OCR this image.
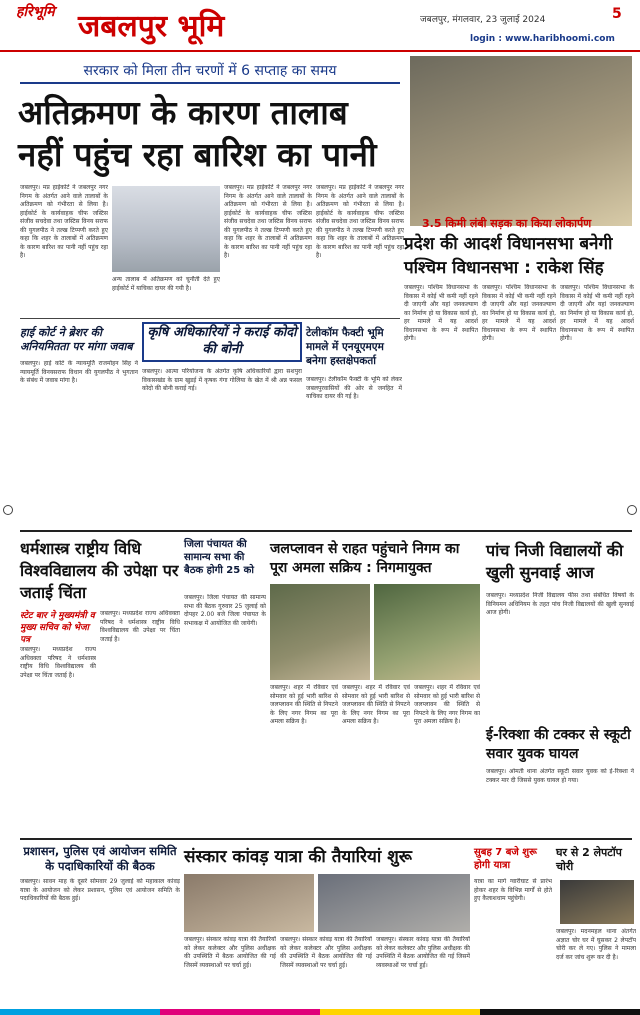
हरिभूमि जबलपुर भूमि	जबलपुर, मंगलवार, 23 जुलाई 2024	5
login : www.haribhoomi.com
सरकार को मिला तीन चरणों में 6 सप्ताह का समय
अतिक्रमण के कारण तालाब
नहीं पहुंच रहा बारिश का पानी
जबलपुर। मप्र हाईकोर्ट ने जबलपुर नगर निगम के अंतर्गत आने वाले तालाबों के अतिक्रमण को गंभीरता से लिया है। हाईकोर्ट के कार्यवाहक चीफ जस्टिस संजीव सचदेवा तथा जस्टिस विनय सराफ की युगलपीठ ने तल्ख टिप्पणी करते हुए कहा कि शहर के तालाबों में अतिक्रमण के कारण बारिश का पानी नहीं पहुंच रहा है।
अन्य तालाब में अतिक्रमण को चुनौती देते हुए हाईकोर्ट में याचिका दायर की गयी है।
जबलपुर। मप्र हाईकोर्ट ने जबलपुर नगर निगम के अंतर्गत आने वाले तालाबों के अतिक्रमण को गंभीरता से लिया है। हाईकोर्ट के कार्यवाहक चीफ जस्टिस संजीव सचदेवा तथा जस्टिस विनय सराफ की युगलपीठ ने तल्ख टिप्पणी करते हुए कहा कि शहर के तालाबों में अतिक्रमण के कारण बारिश का पानी नहीं पहुंच रहा है।
जबलपुर। मप्र हाईकोर्ट ने जबलपुर नगर निगम के अंतर्गत आने वाले तालाबों के अतिक्रमण को गंभीरता से लिया है। हाईकोर्ट के कार्यवाहक चीफ जस्टिस संजीव सचदेवा तथा जस्टिस विनय सराफ की युगलपीठ ने तल्ख टिप्पणी करते हुए कहा कि शहर के तालाबों में अतिक्रमण के कारण बारिश का पानी नहीं पहुंच रहा है।
3.5 किमी लंबी सड़क का किया लोकार्पण
प्रदेश की आदर्श विधानसभा बनेगी पश्चिम विधानसभा : राकेश सिंह
जबलपुर। पश्चिम विधानसभा के विकास में कोई भी कमी नहीं रहने दी जाएगी और यहां जनकल्याण का निर्माण हो या विकास कार्य हो, हर मामले में यह आदर्श विधानसभा के रूप में स्थापित होगी।
जबलपुर। पश्चिम विधानसभा के विकास में कोई भी कमी नहीं रहने दी जाएगी और यहां जनकल्याण का निर्माण हो या विकास कार्य हो, हर मामले में यह आदर्श विधानसभा के रूप में स्थापित होगी।
जबलपुर। पश्चिम विधानसभा के विकास में कोई भी कमी नहीं रहने दी जाएगी और यहां जनकल्याण का निर्माण हो या विकास कार्य हो, हर मामले में यह आदर्श विधानसभा के रूप में स्थापित होगी।
हाई कोर्ट ने ब्रेशर की अनियमितता पर मांगा जवाब
जबलपुर। हाई कोर्ट के न्यायमूर्ति राजमोहन सिंह ने न्यायमूर्ति विनयसराफ विधान की युगलपीठ ने भुगतान के संबंध में जवाब मांगा है।
कृषि अधिकारियों ने कराई कोदो की बोनी
जबलपुर। आत्मा परियोजना के अंतर्गत कृषि अधिकारियों द्वारा सशपुरा विकासखंड के ग्राम खुडई में कृषक गंगा गोलिया के खेत में श्री अन्न फसल कोदो की बोनी कराई गई।
टेलीकॉम फैक्टी भूमि मामले में एनयूएमएम बनेगा हस्तक्षेपकर्ता
जबलपुर। टेलीकॉम फैक्टी के भूमि को लेकर जबलपुरवासियों की ओर से जनहित में याचिका दायर की गई है।
धर्मशास्त्र राष्ट्रीय विधि विश्वविद्यालय की उपेक्षा पर जताई चिंता
स्टेट बार ने मुख्यमंत्री व मुख्य सचिव को भेजा पत्र
जबलपुर। मध्यप्रदेश राज्य अधिवक्ता परिषद ने धर्मशास्त्र राष्ट्रीय विधि विश्वविद्यालय की उपेक्षा पर चिंता जताई है।
जबलपुर। मध्यप्रदेश राज्य अधिवक्ता परिषद ने धर्मशास्त्र राष्ट्रीय विधि विश्वविद्यालय की उपेक्षा पर चिंता जताई है।
जिला पंचायत की सामान्य सभा की बैठक होगी 25 को
जबलपुर। जिला पंचायत की सामान्य सभा की बैठक गुरुवार 25 जुलाई को दोपहर 2.00 बजे जिला पंचायत के सभाकक्ष में आयोजित की जायेगी।
जलप्लावन से राहत पहुंचाने निगम का पूरा अमला सक्रिय : निगमायुक्त
जबलपुर। शहर में रविवार एवं सोमवार को हुई भारी बारिश से जलप्लावन की स्थिति से निपटने के लिए नगर निगम का पूरा अमला सक्रिय है।
जबलपुर। शहर में रविवार एवं सोमवार को हुई भारी बारिश से जलप्लावन की स्थिति से निपटने के लिए नगर निगम का पूरा अमला सक्रिय है।
जबलपुर। शहर में रविवार एवं सोमवार को हुई भारी बारिश से जलप्लावन की स्थिति से निपटने के लिए नगर निगम का पूरा अमला सक्रिय है।
पांच निजी विद्यालयों की खुली सुनवाई आज
जबलपुर। मध्यप्रदेश निजी विद्यालय फीस तथा संबंधित विषयों के विनियमन अधिनियम के तहत पांच निजी विद्यालयों की खुली सुनवाई आज होगी।
ई-रिक्शा की टक्कर से स्कूटी सवार युवक घायल
जबलपुर। ओमती थाना अंतर्गत स्कूटी सवार युवक को ई-रिक्शा ने टक्कर मार दी जिससे युवक घायल हो गया।
प्रशासन, पुलिस एवं आयोजन समिति के पदाधिकारियों की बैठक
जबलपुर। सावन माह के दूसरे सोमवार 29 जुलाई को महाकाल कांवड़ यात्रा के आयोजन को लेकर प्रशासन, पुलिस एवं आयोजन समिति के पदाधिकारियों की बैठक हुई।
संस्कार कांवड़ यात्रा की तैयारियां शुरू
जबलपुर। संस्कार कांवड़ यात्रा की तैयारियों को लेकर कलेक्टर और पुलिस अधीक्षक की उपस्थिति में बैठक आयोजित की गई जिसमें व्यवस्थाओं पर चर्चा हुई।
जबलपुर। संस्कार कांवड़ यात्रा की तैयारियों को लेकर कलेक्टर और पुलिस अधीक्षक की उपस्थिति में बैठक आयोजित की गई जिसमें व्यवस्थाओं पर चर्चा हुई।
जबलपुर। संस्कार कांवड़ यात्रा की तैयारियों को लेकर कलेक्टर और पुलिस अधीक्षक की उपस्थिति में बैठक आयोजित की गई जिसमें व्यवस्थाओं पर चर्चा हुई।
सुबह 7 बजे शुरू होगी यात्रा
यात्रा का मार्ग ग्वारीघाट से प्रारंभ होकर शहर के विभिन्न मार्गों से होते हुए कैलाशधाम पहुंचेगी।
घर से 2 लेपटॉप चोरी
जबलपुर। मदनमहल थाना अंतर्गत अज्ञात चोर घर में घुसकर 2 लेपटॉप चोरी कर ले गए। पुलिस ने मामला दर्ज कर जांच शुरू कर दी है।
